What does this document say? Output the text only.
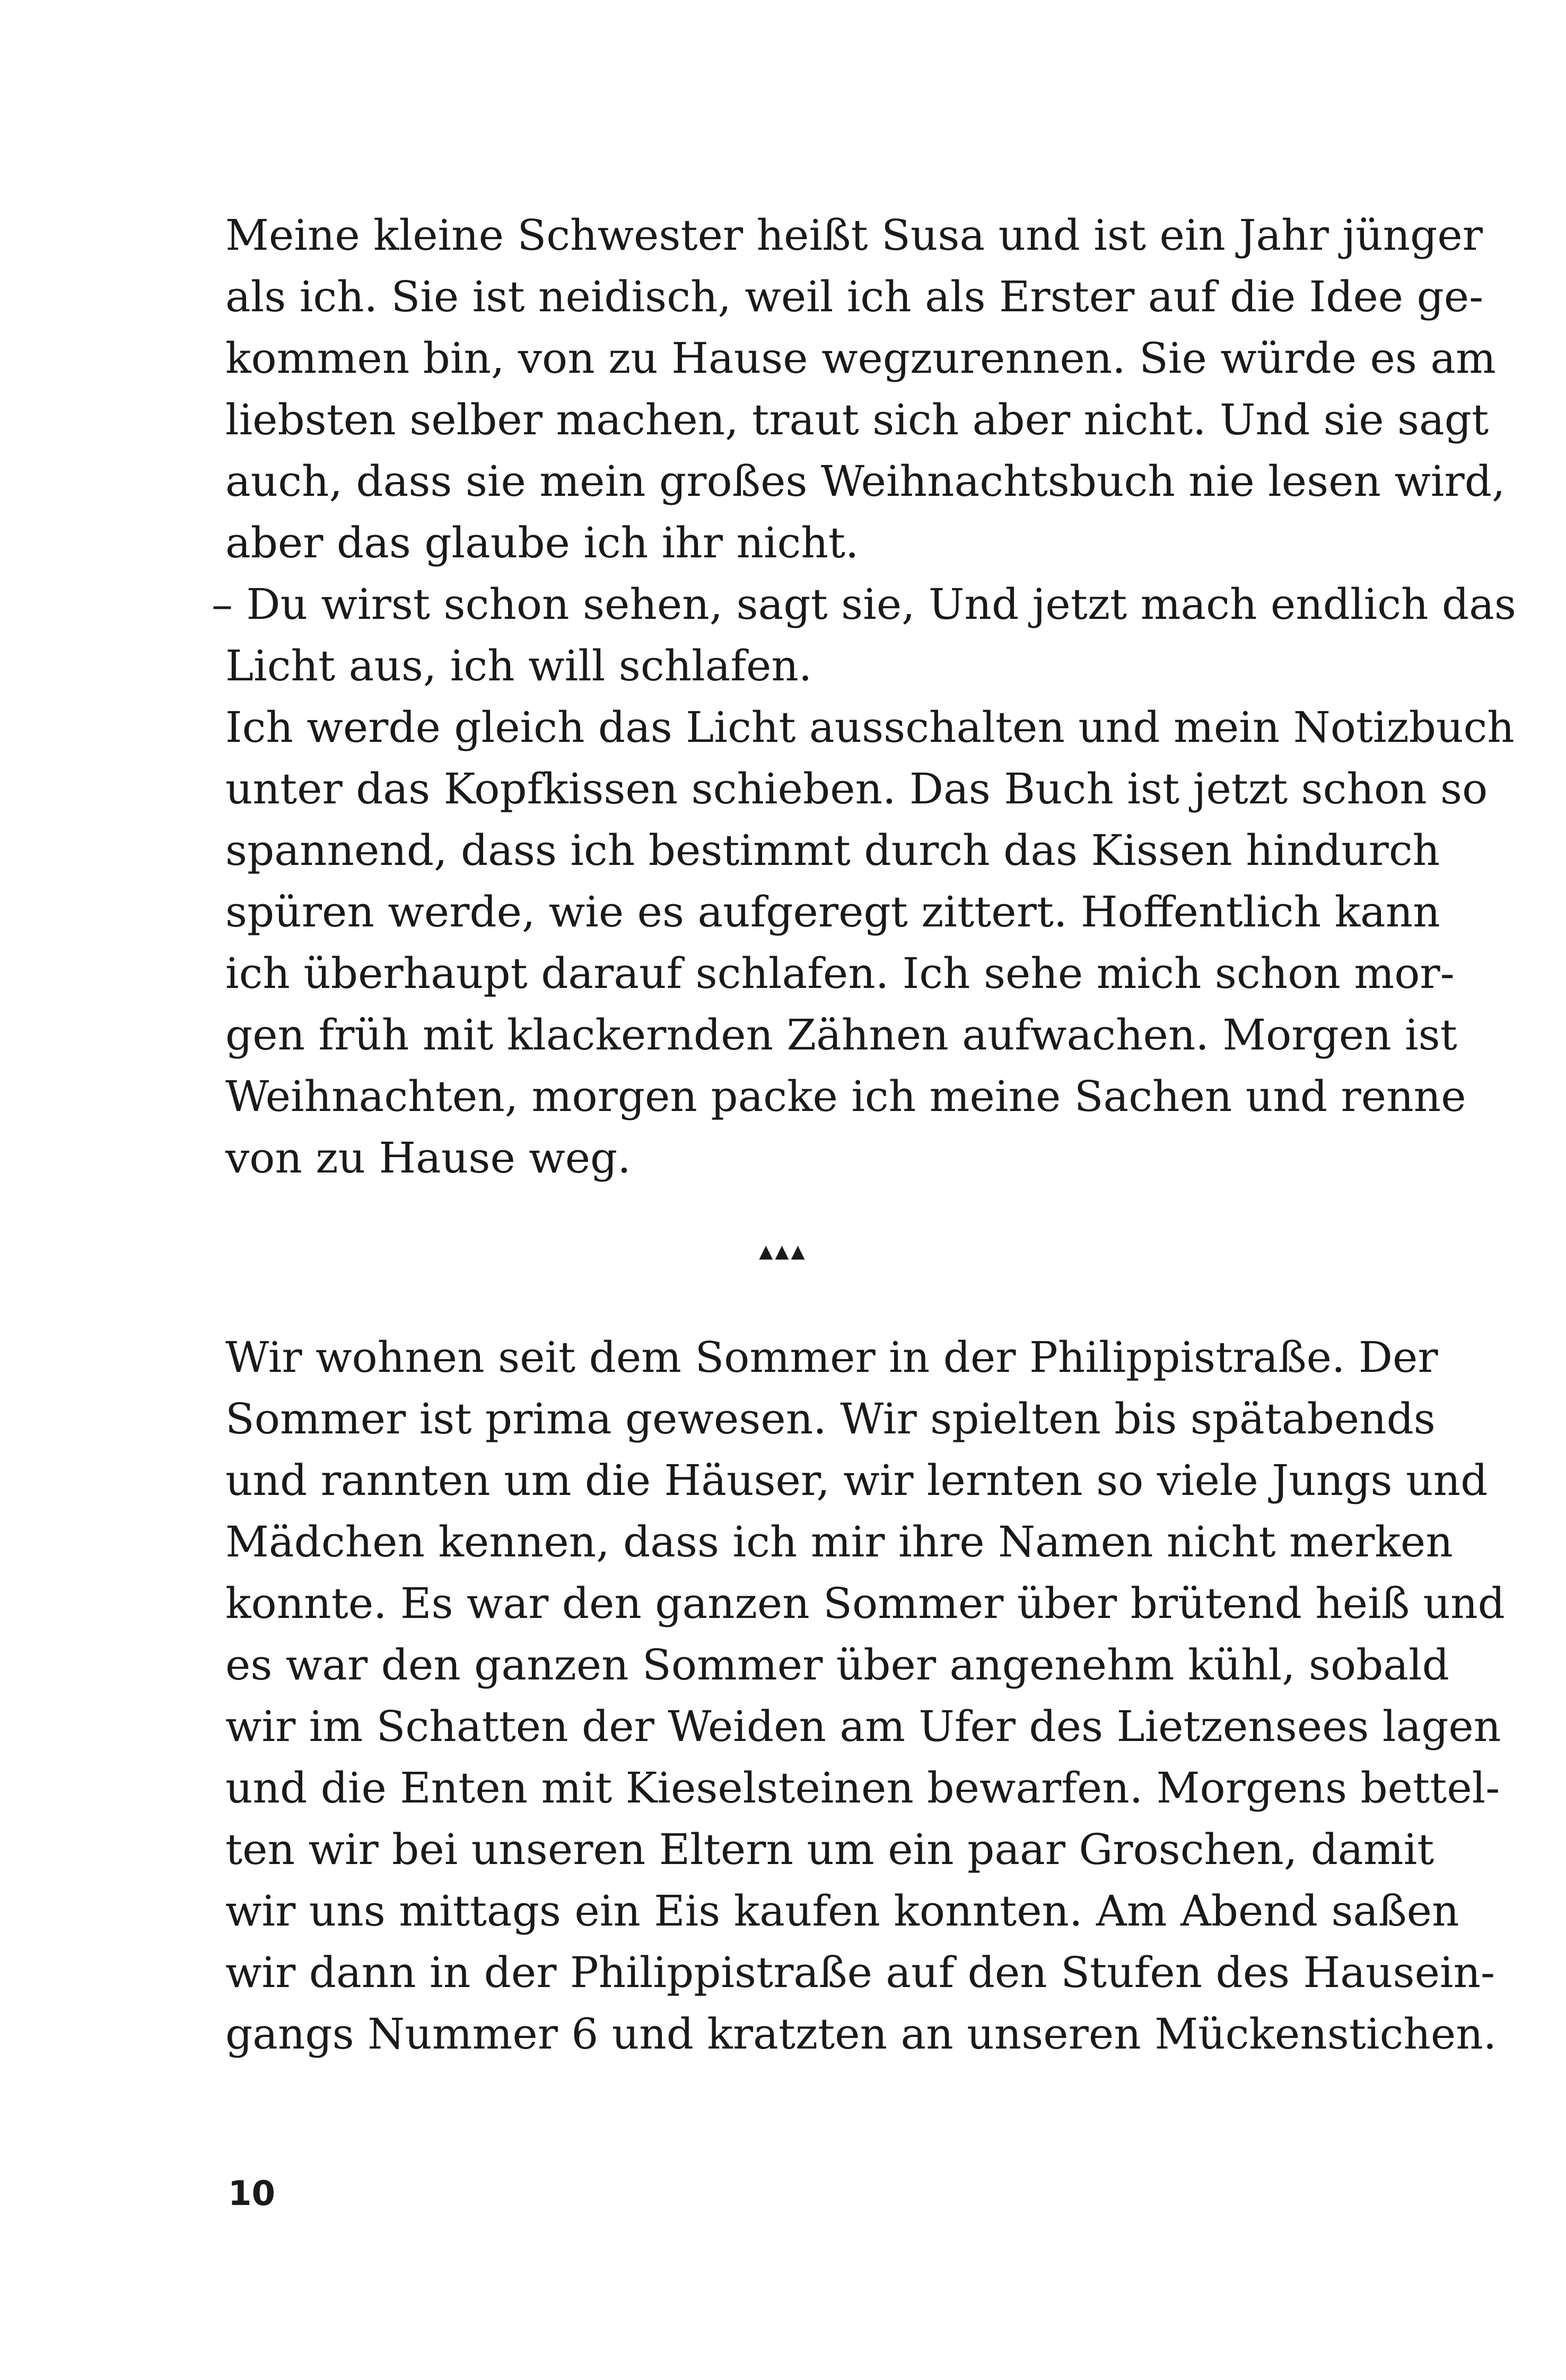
Meine kleine Schwester heißt Susa und ist ein Jahr jünger
als ich. Sie ist neidisch, weil ich als Erster auf die Idee ge-
kommen bin, von zu Hause wegzurennen. Sie würde es am
liebsten selber machen, traut sich aber nicht. Und sie sagt
auch, dass sie mein großes Weihnachtsbuch nie lesen wird,
aber das glaube ich ihr nicht.
– Du wirst schon sehen, sagt sie, Und jetzt mach endlich das
Licht aus, ich will schlafen.
Ich werde gleich das Licht ausschalten und mein Notizbuch
unter das Kopfkissen schieben. Das Buch ist jetzt schon so
spannend, dass ich bestimmt durch das Kissen hindurch
spüren werde, wie es aufgeregt zittert. Hoffentlich kann
ich überhaupt darauf schlafen. Ich sehe mich schon mor-
gen früh mit klackernden Zähnen aufwachen. Morgen ist
Weihnachten, morgen packe ich meine Sachen und renne
von zu Hause weg.
▲▲▲
Wir wohnen seit dem Sommer in der Philippistraße. Der
Sommer ist prima gewesen. Wir spielten bis spätabends
und rannten um die Häuser, wir lernten so viele Jungs und
Mädchen kennen, dass ich mir ihre Namen nicht merken
konnte. Es war den ganzen Sommer über brütend heiß und
es war den ganzen Sommer über angenehm kühl, sobald
wir im Schatten der Weiden am Ufer des Lietzensees lagen
und die Enten mit Kieselsteinen bewarfen. Morgens bettel-
ten wir bei unseren Eltern um ein paar Groschen, damit
wir uns mittags ein Eis kaufen konnten. Am Abend saßen
wir dann in der Philippistraße auf den Stufen des Hausein-
gangs Nummer 6 und kratzten an unseren Mückenstichen.
10
